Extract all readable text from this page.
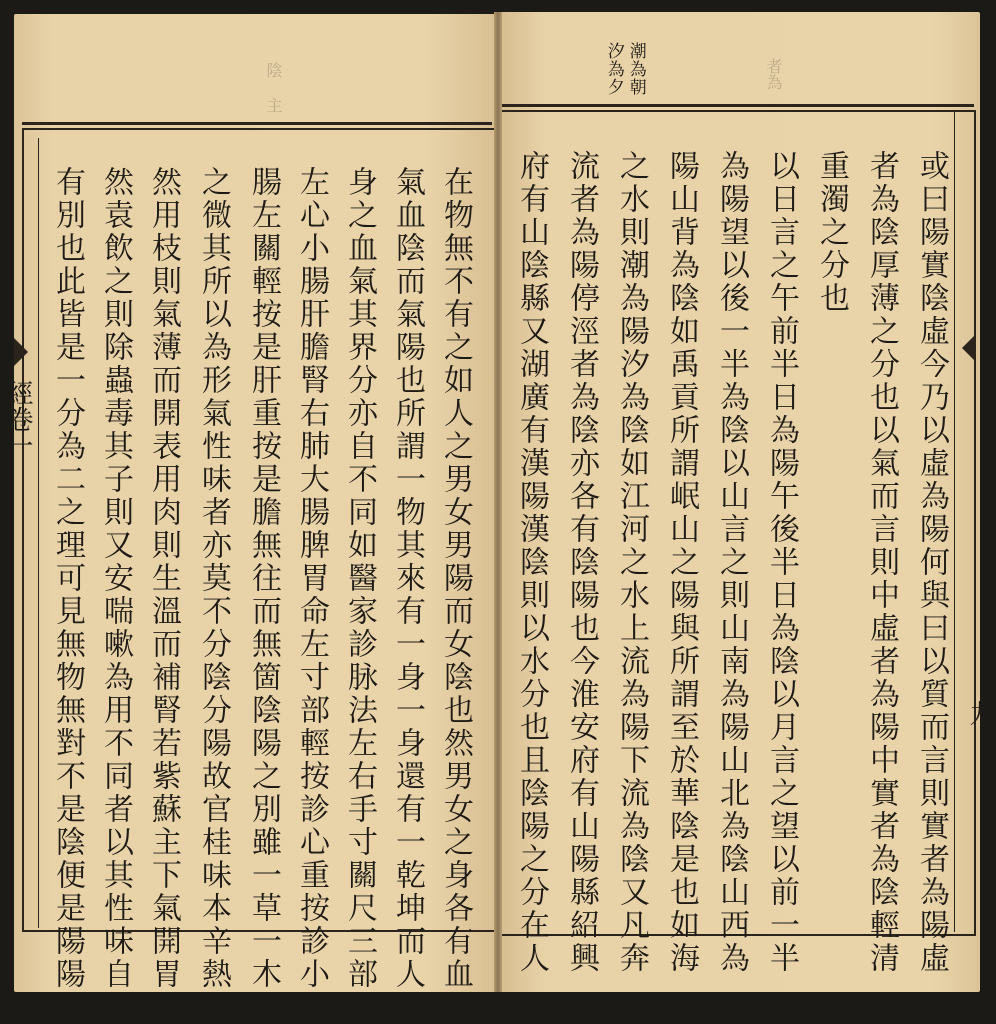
陰 主	者為
經卷一
潮為朝
汐為夕
九
在物無不有之如人之男女男陽而女陰也然男女之身各有血
氣血陰而氣陽也所謂一物其來有一身一身還有一乾坤而人
身之血氣其界分亦自不同如醫家診脉法左右手寸關尺三部
左心小腸肝膽腎右肺大腸脾胃命左寸部輕按診心重按診小
腸左關輕按是肝重按是膽無往而無箇陰陽之別雖一草一木
之微其所以為形氣性味者亦莫不分陰分陽故官桂味本辛熱
然用枝則氣薄而開表用肉則生溫而補腎若紫蘇主下氣開胃
然袁飲之則除蟲毒其子則又安喘嗽為用不同者以其性味自
有別也此皆是一分為二之理可見無物無對不是陰便是陽陽	或曰陽實陰虛今乃以虛為陽何與曰以質而言則實者為陽虛
者為陰厚薄之分也以氣而言則中虛者為陽中實者為陰輕清
重濁之分也
以日言之午前半日為陽午後半日為陰以月言之望以前一半
為陽望以後一半為陰以山言之則山南為陽山北為陰山西為
陽山背為陰如禹貢所謂岷山之陽與所謂至於華陰是也如海
之水則潮為陽汐為陰如江河之水上流為陽下流為陰又凡奔
流者為陽停涇者為陰亦各有陰陽也今淮安府有山陽縣紹興
府有山陰縣又湖廣有漢陽漢陰則以水分也且陰陽之分在人
